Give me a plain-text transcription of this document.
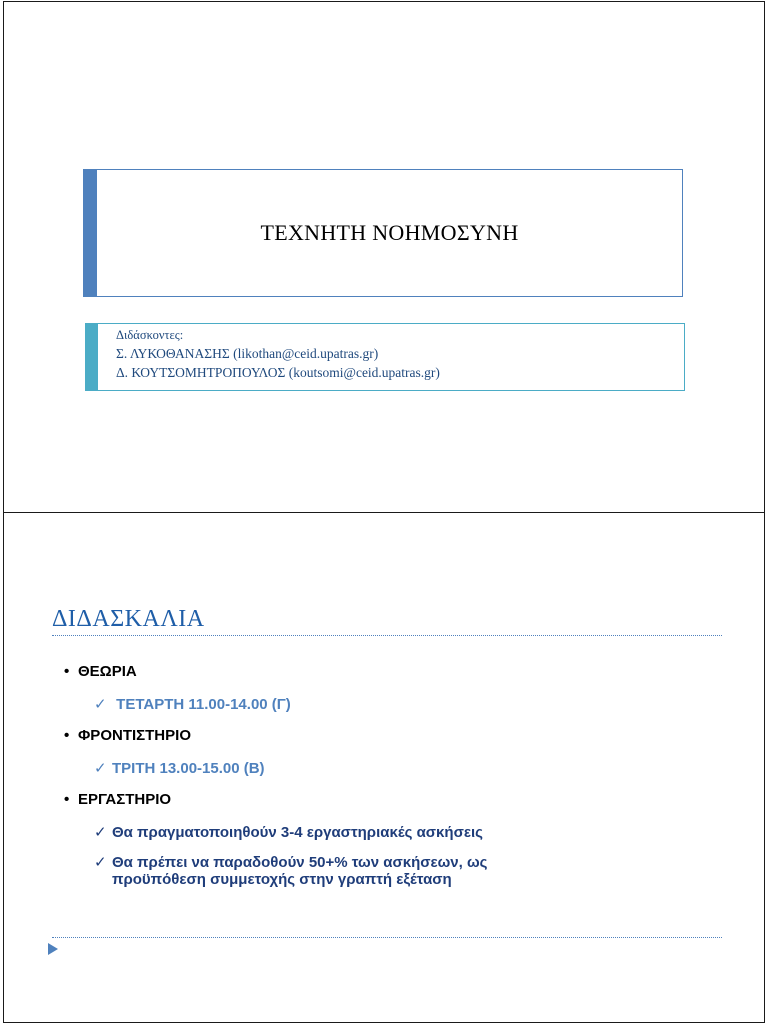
ΤΕΧΝΗΤΗ ΝΟΗΜΟΣΥΝΗ
Διδάσκοντες:
Σ. ΛΥΚΟΘΑΝΑΣΗΣ (likothan@ceid.upatras.gr)
Δ. ΚΟΥΤΣΟΜΗΤΡΟΠΟΥΛΟΣ (koutsomi@ceid.upatras.gr)
ΔΙΔΑΣΚΑΛΙΑ
• ΘΕΩΡΙΑ
✓ ΤΕΤΑΡΤΗ 11.00-14.00 (Γ)
• ΦΡΟΝΤΙΣΤΗΡΙΟ
✓ ΤΡΙΤΗ 13.00-15.00 (Β)
• ΕΡΓΑΣΤΗΡΙΟ
✓ Θα πραγματοποιηθούν 3-4 εργαστηριακές ασκήσεις
✓ Θα πρέπει να παραδοθούν 50+% των ασκήσεων, ως
προϋπόθεση συμμετοχής στην γραπτή εξέταση
